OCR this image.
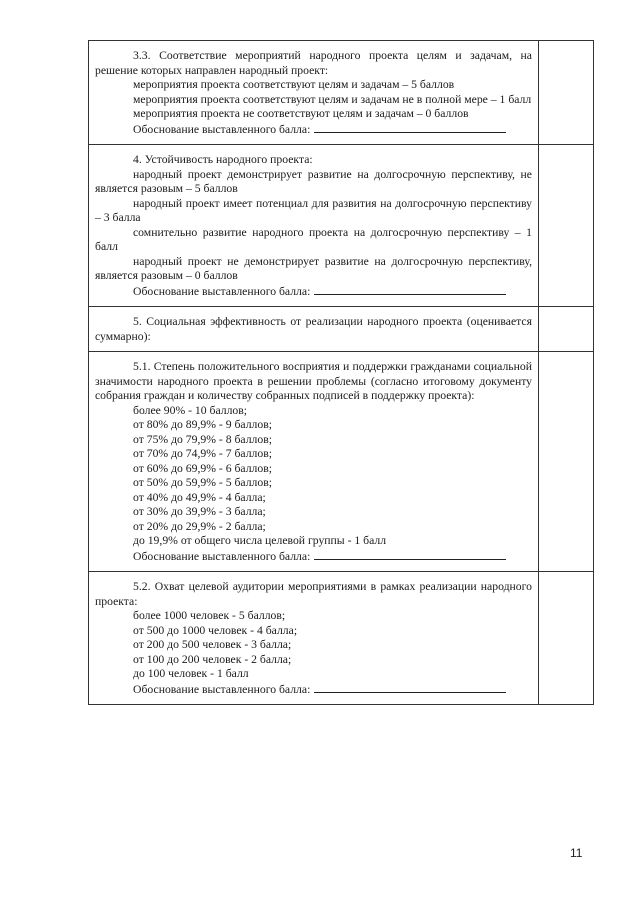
3.3. Соответствие мероприятий народного проекта целям и задачам, на решение которых направлен народный проект:

мероприятия проекта соответствуют целям и задачам – 5 баллов

мероприятия проекта соответствуют целям и задачам не в полной мере – 1 балл

мероприятия проекта не соответствуют целям и задачам – 0 баллов

Обоснование выставленного балла:

4. Устойчивость народного проекта:

народный проект демонстрирует развитие на долгосрочную перспективу, не является разовым – 5 баллов

народный проект имеет потенциал для развития на долгосрочную перспективу – 3 балла

сомнительно развитие народного проекта на долгосрочную перспективу – 1 балл

народный проект не демонстрирует развитие на долгосрочную перспективу, является разовым – 0 баллов

Обоснование выставленного балла:

5. Социальная эффективность от реализации народного проекта (оценивается суммарно):

5.1. Степень положительного восприятия и поддержки гражданами социальной значимости народного проекта в решении проблемы (согласно итоговому документу собрания граждан и количеству собранных подписей в поддержку проекта):

более 90% - 10 баллов;

от 80% до 89,9% - 9 баллов;

от 75% до 79,9% - 8 баллов;

от 70% до 74,9% - 7 баллов;

от 60% до 69,9% - 6 баллов;

от 50% до 59,9% - 5 баллов;

от 40% до 49,9% - 4 балла;

от 30% до 39,9% - 3 балла;

от 20% до 29,9% - 2 балла;

до 19,9% от общего числа целевой группы - 1 балл

Обоснование выставленного балла:

5.2. Охват целевой аудитории мероприятиями в рамках реализации народного проекта:

более 1000 человек - 5 баллов;

от 500 до 1000 человек - 4 балла;

от 200 до 500 человек - 3 балла;

от 100 до 200 человек - 2 балла;

до 100 человек - 1 балл

Обоснование выставленного балла:

11
